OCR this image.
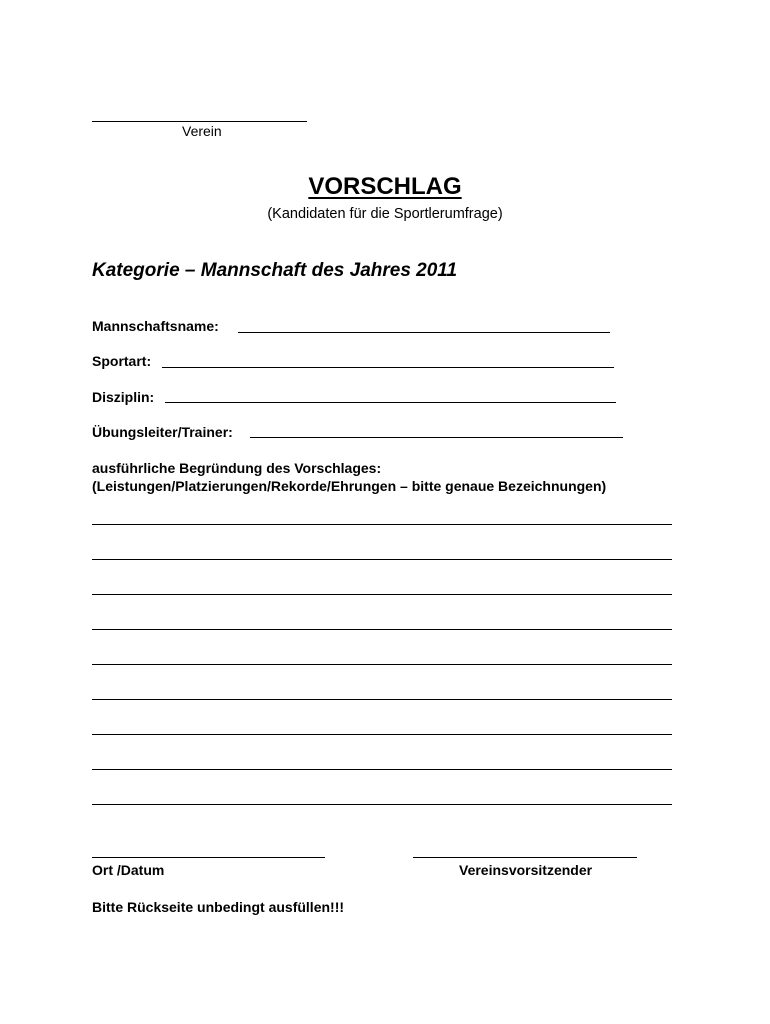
Verein
VORSCHLAG
(Kandidaten für die Sportlerumfrage)
Kategorie – Mannschaft des Jahres 2011
Mannschaftsname:
Sportart:
Disziplin:
Übungsleiter/Trainer:
ausführliche Begründung des Vorschlages:
(Leistungen/Platzierungen/Rekorde/Ehrungen – bitte genaue Bezeichnungen)
Ort /Datum	Vereinsvorsitzender
Bitte Rückseite unbedingt ausfüllen!!!
